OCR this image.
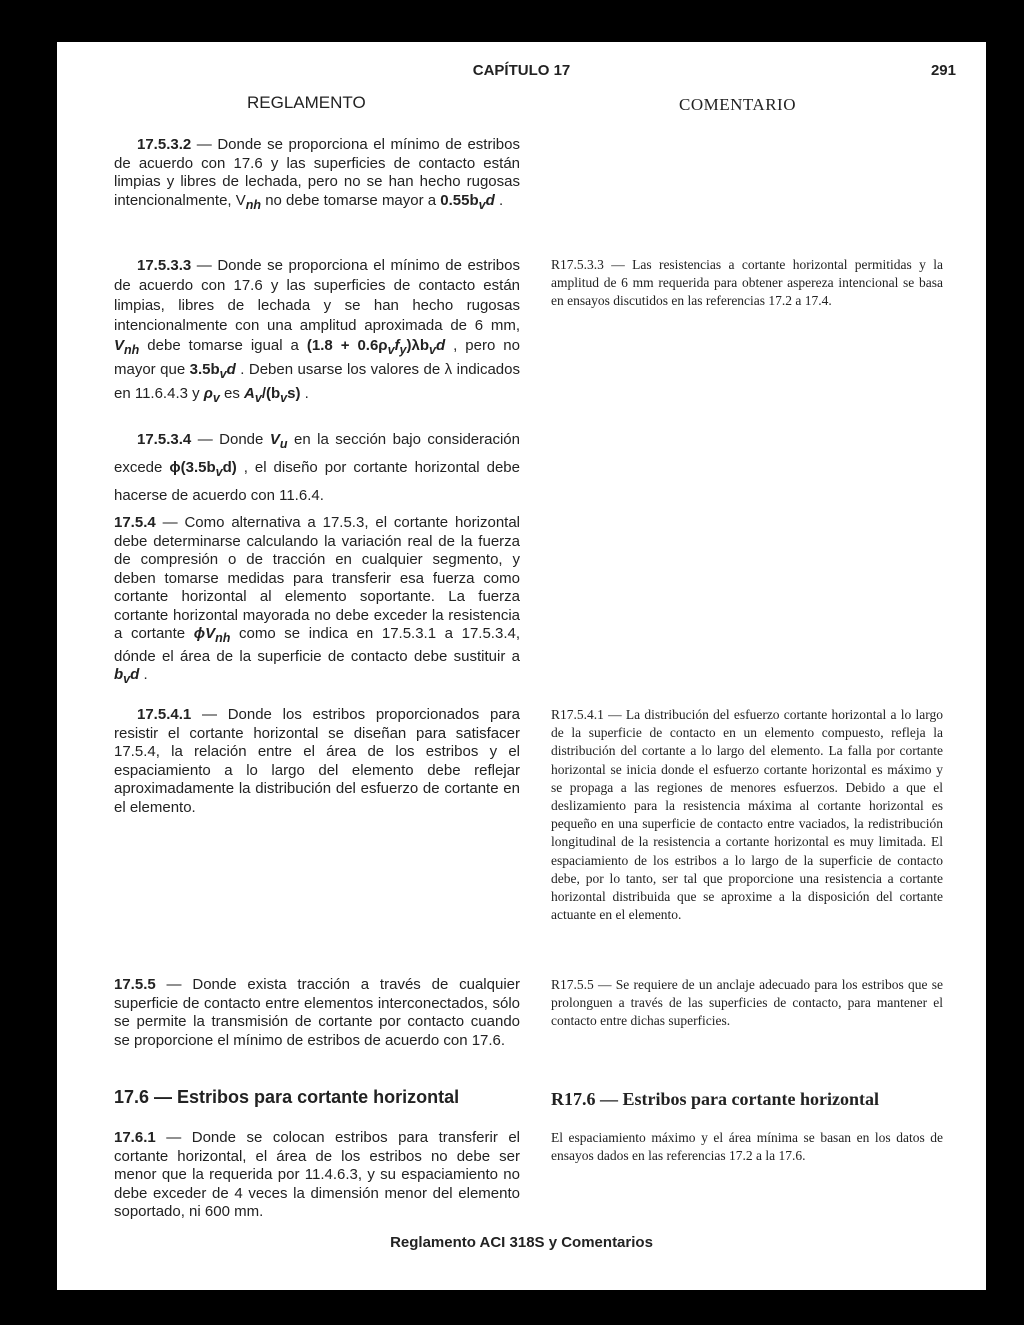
CAPÍTULO 17	291
REGLAMENTO	COMENTARIO

17.5.3.2 — Donde se proporciona el mínimo de estribos de acuerdo con 17.6 y las superficies de contacto están limpias y libres de lechada, pero no se han hecho rugosas intencionalmente, $V_{nh}$ no debe tomarse mayor a $0.55b_vd$ .

17.5.3.3 — Donde se proporciona el mínimo de estribos de acuerdo con 17.6 y las superficies de contacto están limpias, libres de lechada y se han hecho rugosas intencionalmente con una amplitud aproximada de 6 mm, $V_{nh}$ debe tomarse igual a $(1.8 + 0.6\rho_vf_y)\lambda b_vd$ , pero no mayor que $3.5b_vd$ . Deben usarse los valores de λ indicados en 11.6.4.3 y $\rho_v$ es $A_v/(b_vs)$ .

17.5.3.4 — Donde $V_u$ en la sección bajo consideración excede $\phi(3.5b_vd)$ , el diseño por cortante horizontal debe hacerse de acuerdo con 11.6.4.

17.5.4 — Como alternativa a 17.5.3, el cortante horizontal debe determinarse calculando la variación real de la fuerza de compresión o de tracción en cualquier segmento, y deben tomarse medidas para transferir esa fuerza como cortante horizontal al elemento soportante. La fuerza cortante horizontal mayorada no debe exceder la resistencia a cortante $\phi V_{nh}$ como se indica en 17.5.3.1 a 17.5.3.4, dónde el área de la superficie de contacto debe sustituir a $b_vd$ .

17.5.4.1 — Donde los estribos proporcionados para resistir el cortante horizontal se diseñan para satisfacer 17.5.4, la relación entre el área de los estribos y el espaciamiento a lo largo del elemento debe reflejar aproximadamente la distribución del esfuerzo de cortante en el elemento.

17.5.5 — Donde exista tracción a través de cualquier superficie de contacto entre elementos interconectados, sólo se permite la transmisión de cortante por contacto cuando se proporcione el mínimo de estribos de acuerdo con 17.6.

17.6 — Estribos para cortante horizontal

17.6.1 — Donde se colocan estribos para transferir el cortante horizontal, el área de los estribos no debe ser menor que la requerida por 11.4.6.3, y su espaciamiento no debe exceder de 4 veces la dimensión menor del elemento soportado, ni 600 mm.

R17.5.3.3 — Las resistencias a cortante horizontal permitidas y la amplitud de 6 mm requerida para obtener aspereza intencional se basa en ensayos discutidos en las referencias 17.2 a 17.4.

R17.5.4.1 — La distribución del esfuerzo cortante horizontal a lo largo de la superficie de contacto en un elemento compuesto, refleja la distribución del cortante a lo largo del elemento. La falla por cortante horizontal se inicia donde el esfuerzo cortante horizontal es máximo y se propaga a las regiones de menores esfuerzos. Debido a que el deslizamiento para la resistencia máxima al cortante horizontal es pequeño en una superficie de contacto entre vaciados, la redistribución longitudinal de la resistencia a cortante horizontal es muy limitada. El espaciamiento de los estribos a lo largo de la superficie de contacto debe, por lo tanto, ser tal que proporcione una resistencia a cortante horizontal distribuida que se aproxime a la disposición del cortante actuante en el elemento.

R17.5.5 — Se requiere de un anclaje adecuado para los estribos que se prolonguen a través de las superficies de contacto, para mantener el contacto entre dichas superficies.

R17.6 — Estribos para cortante horizontal

El espaciamiento máximo y el área mínima se basan en los datos de ensayos dados en las referencias 17.2 a la 17.6.

Reglamento ACI 318S y Comentarios
